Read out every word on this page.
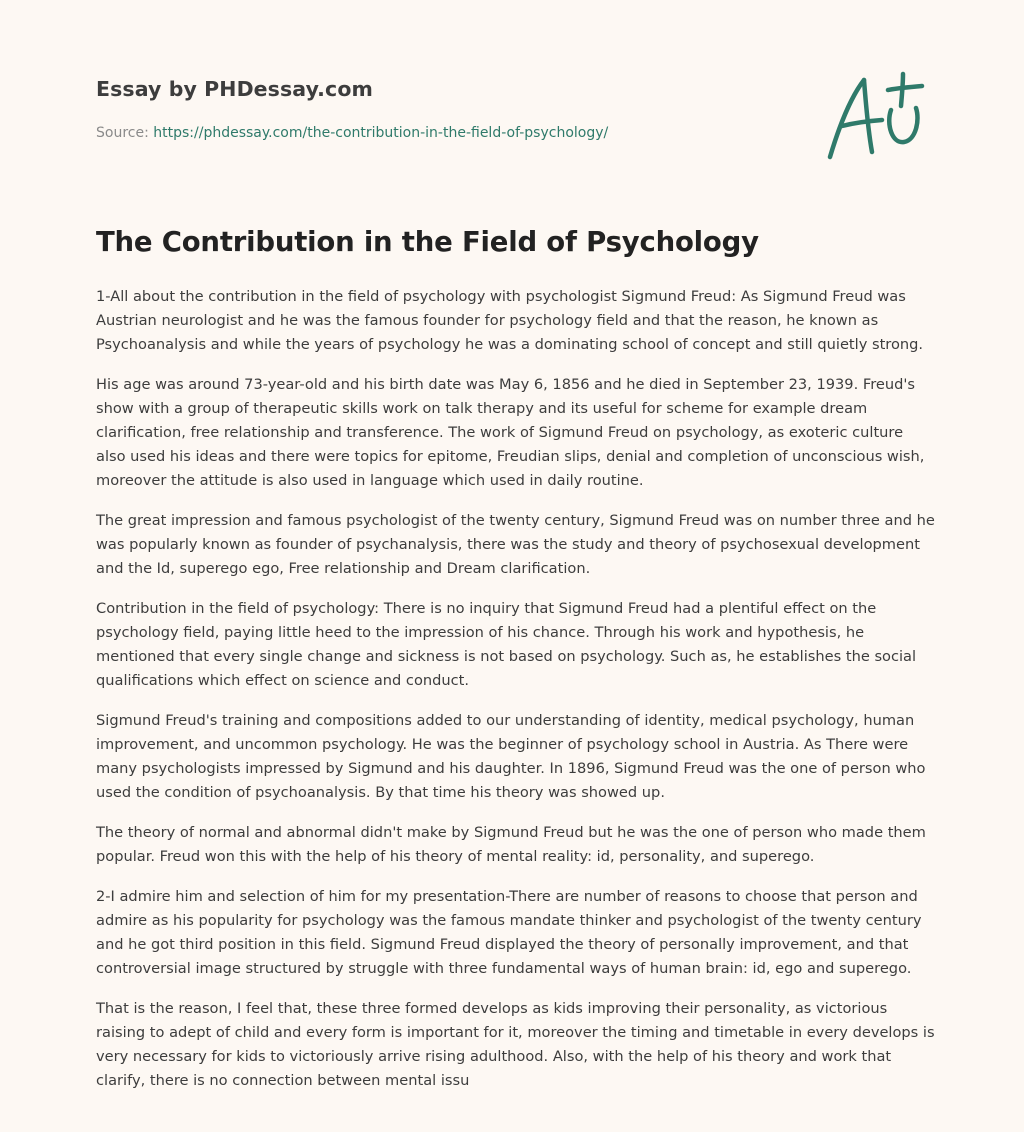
Essay by PHDessay.com
Source: https://phdessay.com/the-contribution-in-the-field-of-psychology/
The Contribution in the Field of Psychology

1-All about the contribution in the field of psychology with psychologist Sigmund Freud: As Sigmund Freud was Austrian neurologist and he was the famous founder for psychology field and that the reason, he known as Psychoanalysis and while the years of psychology he was a dominating school of concept and still quietly strong.

His age was around 73-year-old and his birth date was May 6, 1856 and he died in September 23, 1939. Freud's show with a group of therapeutic skills work on talk therapy and its useful for scheme for example dream clarification, free relationship and transference. The work of Sigmund Freud on psychology, as exoteric culture also used his ideas and there were topics for epitome, Freudian slips, denial and completion of unconscious wish, moreover the attitude is also used in language which used in daily routine.

The great impression and famous psychologist of the twenty century, Sigmund Freud was on number three and he was popularly known as founder of psychanalysis, there was the study and theory of psychosexual development and the Id, superego ego, Free relationship and Dream clarification.

Contribution in the field of psychology: There is no inquiry that Sigmund Freud had a plentiful effect on the psychology field, paying little heed to the impression of his chance. Through his work and hypothesis, he mentioned that every single change and sickness is not based on psychology. Such as, he establishes the social qualifications which effect on science and conduct.

Sigmund Freud's training and compositions added to our understanding of identity, medical psychology, human improvement, and uncommon psychology. He was the beginner of psychology school in Austria. As There were many psychologists impressed by Sigmund and his daughter. In 1896, Sigmund Freud was the one of person who used the condition of psychoanalysis. By that time his theory was showed up.

The theory of normal and abnormal didn't make by Sigmund Freud but he was the one of person who made them popular. Freud won this with the help of his theory of mental reality: id, personality, and superego.

2-I admire him and selection of him for my presentation-There are number of reasons to choose that person and admire as his popularity for psychology was the famous mandate thinker and psychologist of the twenty century and he got third position in this field. Sigmund Freud displayed the theory of personally improvement, and that controversial image structured by struggle with three fundamental ways of human brain: id, ego and superego.

That is the reason, I feel that, these three formed develops as kids improving their personality, as victorious raising to adept of child and every form is important for it, moreover the timing and timetable in every develops is very necessary for kids to victoriously arrive rising adulthood. Also, with the help of his theory and work that clarify, there is no connection between mental issu
